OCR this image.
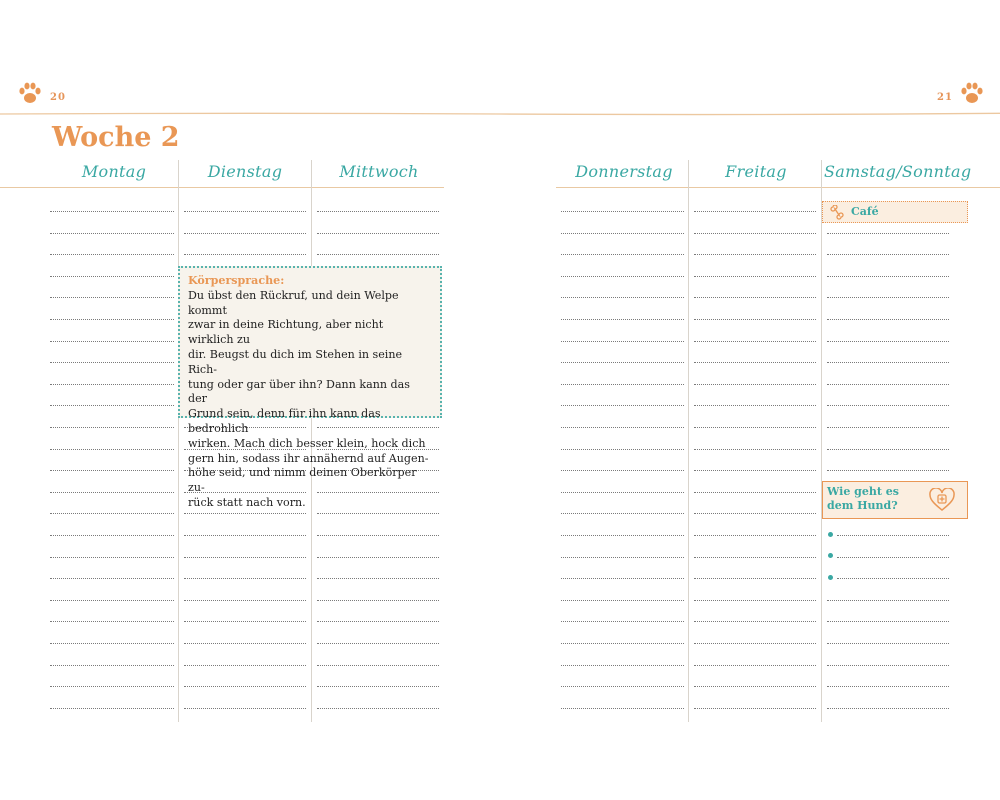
20	21
Woche 2
Montag	Dienstag	Mittwoch	Donnerstag	Freitag	Samstag/Sonntag
Körpersprache:
Du übst den Rückruf, und dein Welpe kommt
zwar in deine Richtung, aber nicht wirklich zu
dir. Beugst du dich im Stehen in seine Rich-
tung oder gar über ihn? Dann kann das der
Grund sein, denn für ihn kann das bedrohlich
wirken. Mach dich besser klein, hock dich
gern hin, sodass ihr annähernd auf Augen-
höhe seid, und nimm deinen Oberkörper zu-
rück statt nach vorn.
Café
Wie geht es dem Hund?
